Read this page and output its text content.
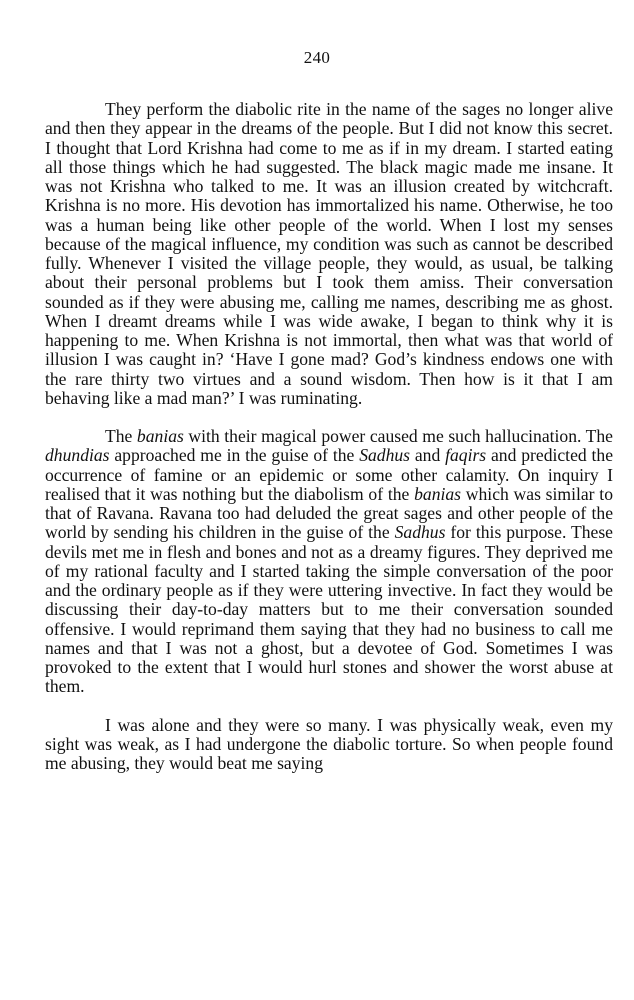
240

They perform the diabolic rite in the name of the sages no longer alive and then they appear in the dreams of the people. But I did not know this secret. I thought that Lord Krishna had come to me as if in my dream. I started eating all those things which he had suggested. The black magic made me insane. It was not Krishna who talked to me. It was an illusion created by witchcraft. Krishna is no more. His devotion has immortalized his name. Otherwise, he too was a human being like other people of the world. When I lost my senses because of the magical influence, my condition was such as cannot be described fully. Whenever I visited the village people, they would, as usual, be talking about their personal problems but I took them amiss. Their conversation sounded as if they were abusing me, calling me names, describing me as ghost. When I dreamt dreams while I was wide awake, I began to think why it is happening to me. When Krishna is not immortal, then what was that world of illusion I was caught in? ‘Have I gone mad? God’s kindness endows one with the rare thirty two virtues and a sound wisdom. Then how is it that I am behaving like a mad man?’ I was ruminating.

The banias with their magical power caused me such hallucination. The dhundias approached me in the guise of the Sadhus and faqirs and predicted the occurrence of famine or an epidemic or some other calamity. On inquiry I realised that it was nothing but the diabolism of the banias which was similar to that of Ravana. Ravana too had deluded the great sages and other people of the world by sending his children in the guise of the Sadhus for this purpose. These devils met me in flesh and bones and not as a dreamy figures. They deprived me of my rational faculty and I started taking the simple conversation of the poor and the ordinary people as if they were uttering invective. In fact they would be discussing their day-to-day matters but to me their conversation sounded offensive. I would reprimand them saying that they had no business to call me names and that I was not a ghost, but a devotee of God. Sometimes I was provoked to the extent that I would hurl stones and shower the worst abuse at them.

I was alone and they were so many. I was physically weak, even my sight was weak, as I had undergone the diabolic torture. So when people found me abusing, they would beat me saying
